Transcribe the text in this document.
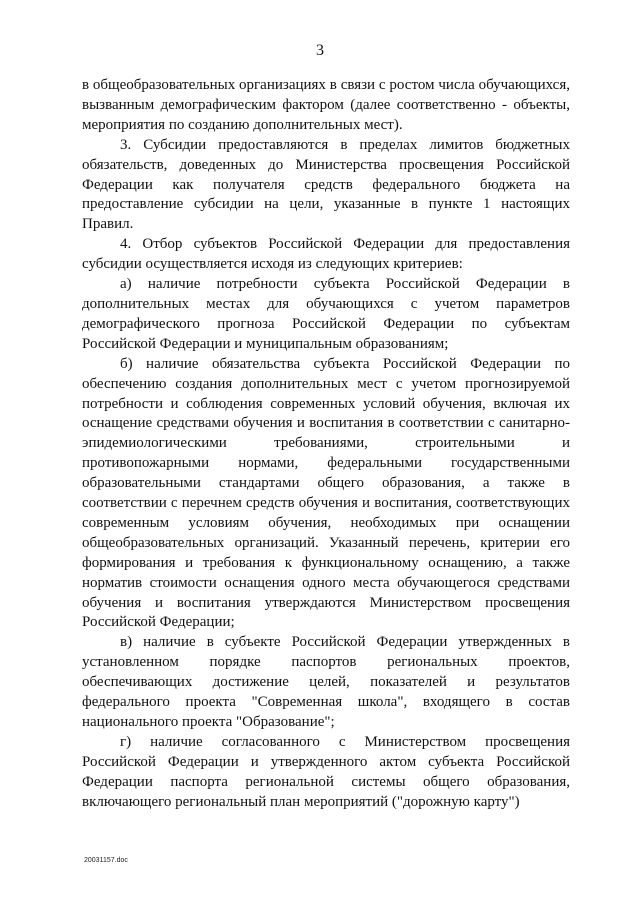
3

в общеобразовательных организациях в связи с ростом числа обучающихся, вызванным демографическим фактором (далее соответственно - объекты, мероприятия по созданию дополнительных мест).

3. Субсидии предоставляются в пределах лимитов бюджетных обязательств, доведенных до Министерства просвещения Российской Федерации как получателя средств федерального бюджета на предоставление субсидии на цели, указанные в пункте 1 настоящих Правил.

4. Отбор субъектов Российской Федерации для предоставления субсидии осуществляется исходя из следующих критериев:

а) наличие потребности субъекта Российской Федерации в дополнительных местах для обучающихся с учетом параметров демографического прогноза Российской Федерации по субъектам Российской Федерации и муниципальным образованиям;

б) наличие обязательства субъекта Российской Федерации по обеспечению создания дополнительных мест с учетом прогнозируемой потребности и соблюдения современных условий обучения, включая их оснащение средствами обучения и воспитания в соответствии с санитарно-эпидемиологическими требованиями, строительными и противопожарными нормами, федеральными государственными образовательными стандартами общего образования, а также в соответствии с перечнем средств обучения и воспитания, соответствующих современным условиям обучения, необходимых при оснащении общеобразовательных организаций. Указанный перечень, критерии его формирования и требования к функциональному оснащению, а также норматив стоимости оснащения одного места обучающегося средствами обучения и воспитания утверждаются Министерством просвещения Российской Федерации;

в) наличие в субъекте Российской Федерации утвержденных в установленном порядке паспортов региональных проектов, обеспечивающих достижение целей, показателей и результатов федерального проекта "Современная школа", входящего в состав национального проекта "Образование";

г) наличие согласованного с Министерством просвещения Российской Федерации и утвержденного актом субъекта Российской Федерации паспорта региональной системы общего образования, включающего региональный план мероприятий ("дорожную карту")

20031157.doc
